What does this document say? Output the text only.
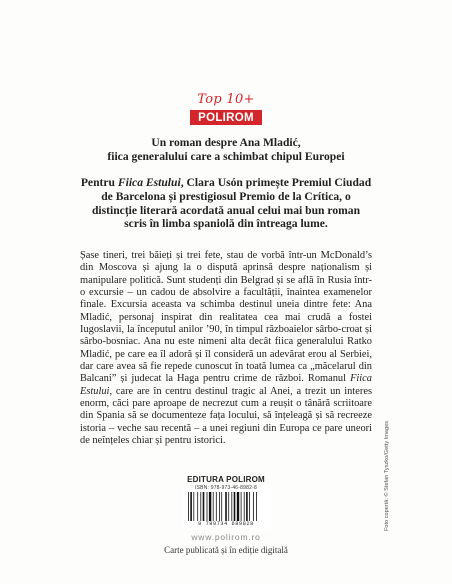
Top 10+
POLIROM
Un roman despre Ana Mladić,
fiica generalului care a schimbat chipul Europei
Pentru Fiica Estului, Clara Usón primește Premiul Ciudad de Barcelona și prestigiosul Premio de la Crítica, o distincție literară acordată anual celui mai bun roman scris în limba spaniolă din întreaga lume.
Șase tineri, trei băieți și trei fete, stau de vorbă într-un McDonald’s din Moscova și ajung la o dispută aprinsă despre naționalism și manipulare politică. Sunt studenți din Belgrad și se află în Rusia într-o excursie – un cadou de absolvire a facultății, înaintea examenelor finale. Excursia aceasta va schimba destinul uneia dintre fete: Ana Mladić, personaj inspirat din realitatea cea mai crudă a fostei Iugoslavii, la începutul anilor ’90, în timpul războaielor sârbo-croat și sârbo-bosniac. Ana nu este nimeni alta decât fiica generalului Ratko Mladić, pe care ea îl adoră și îl consideră un adevărat erou al Serbiei, dar care avea să fie repede cunoscut în toată lumea ca „măcelarul din Balcani” și judecat la Haga pentru crime de război. Romanul Fiica Estului, care are în centru destinul tragic al Anei, a trezit un interes enorm, căci pare aproape de necrezut cum a reușit o tânără scriitoare din Spania să se documenteze fața locului, să înțeleagă și să recreeze istoria – veche sau recentă – a unei regiuni din Europa ce pare uneori de neînțeles chiar și pentru istorici.
EDITURA POLIROM
ISBN: 978-973-46-8982-8
9 789734 689828
www.polirom.ro
Carte publicată și în ediție digitală
Foto copertă: © Stefan Tyszko/Getty Images
